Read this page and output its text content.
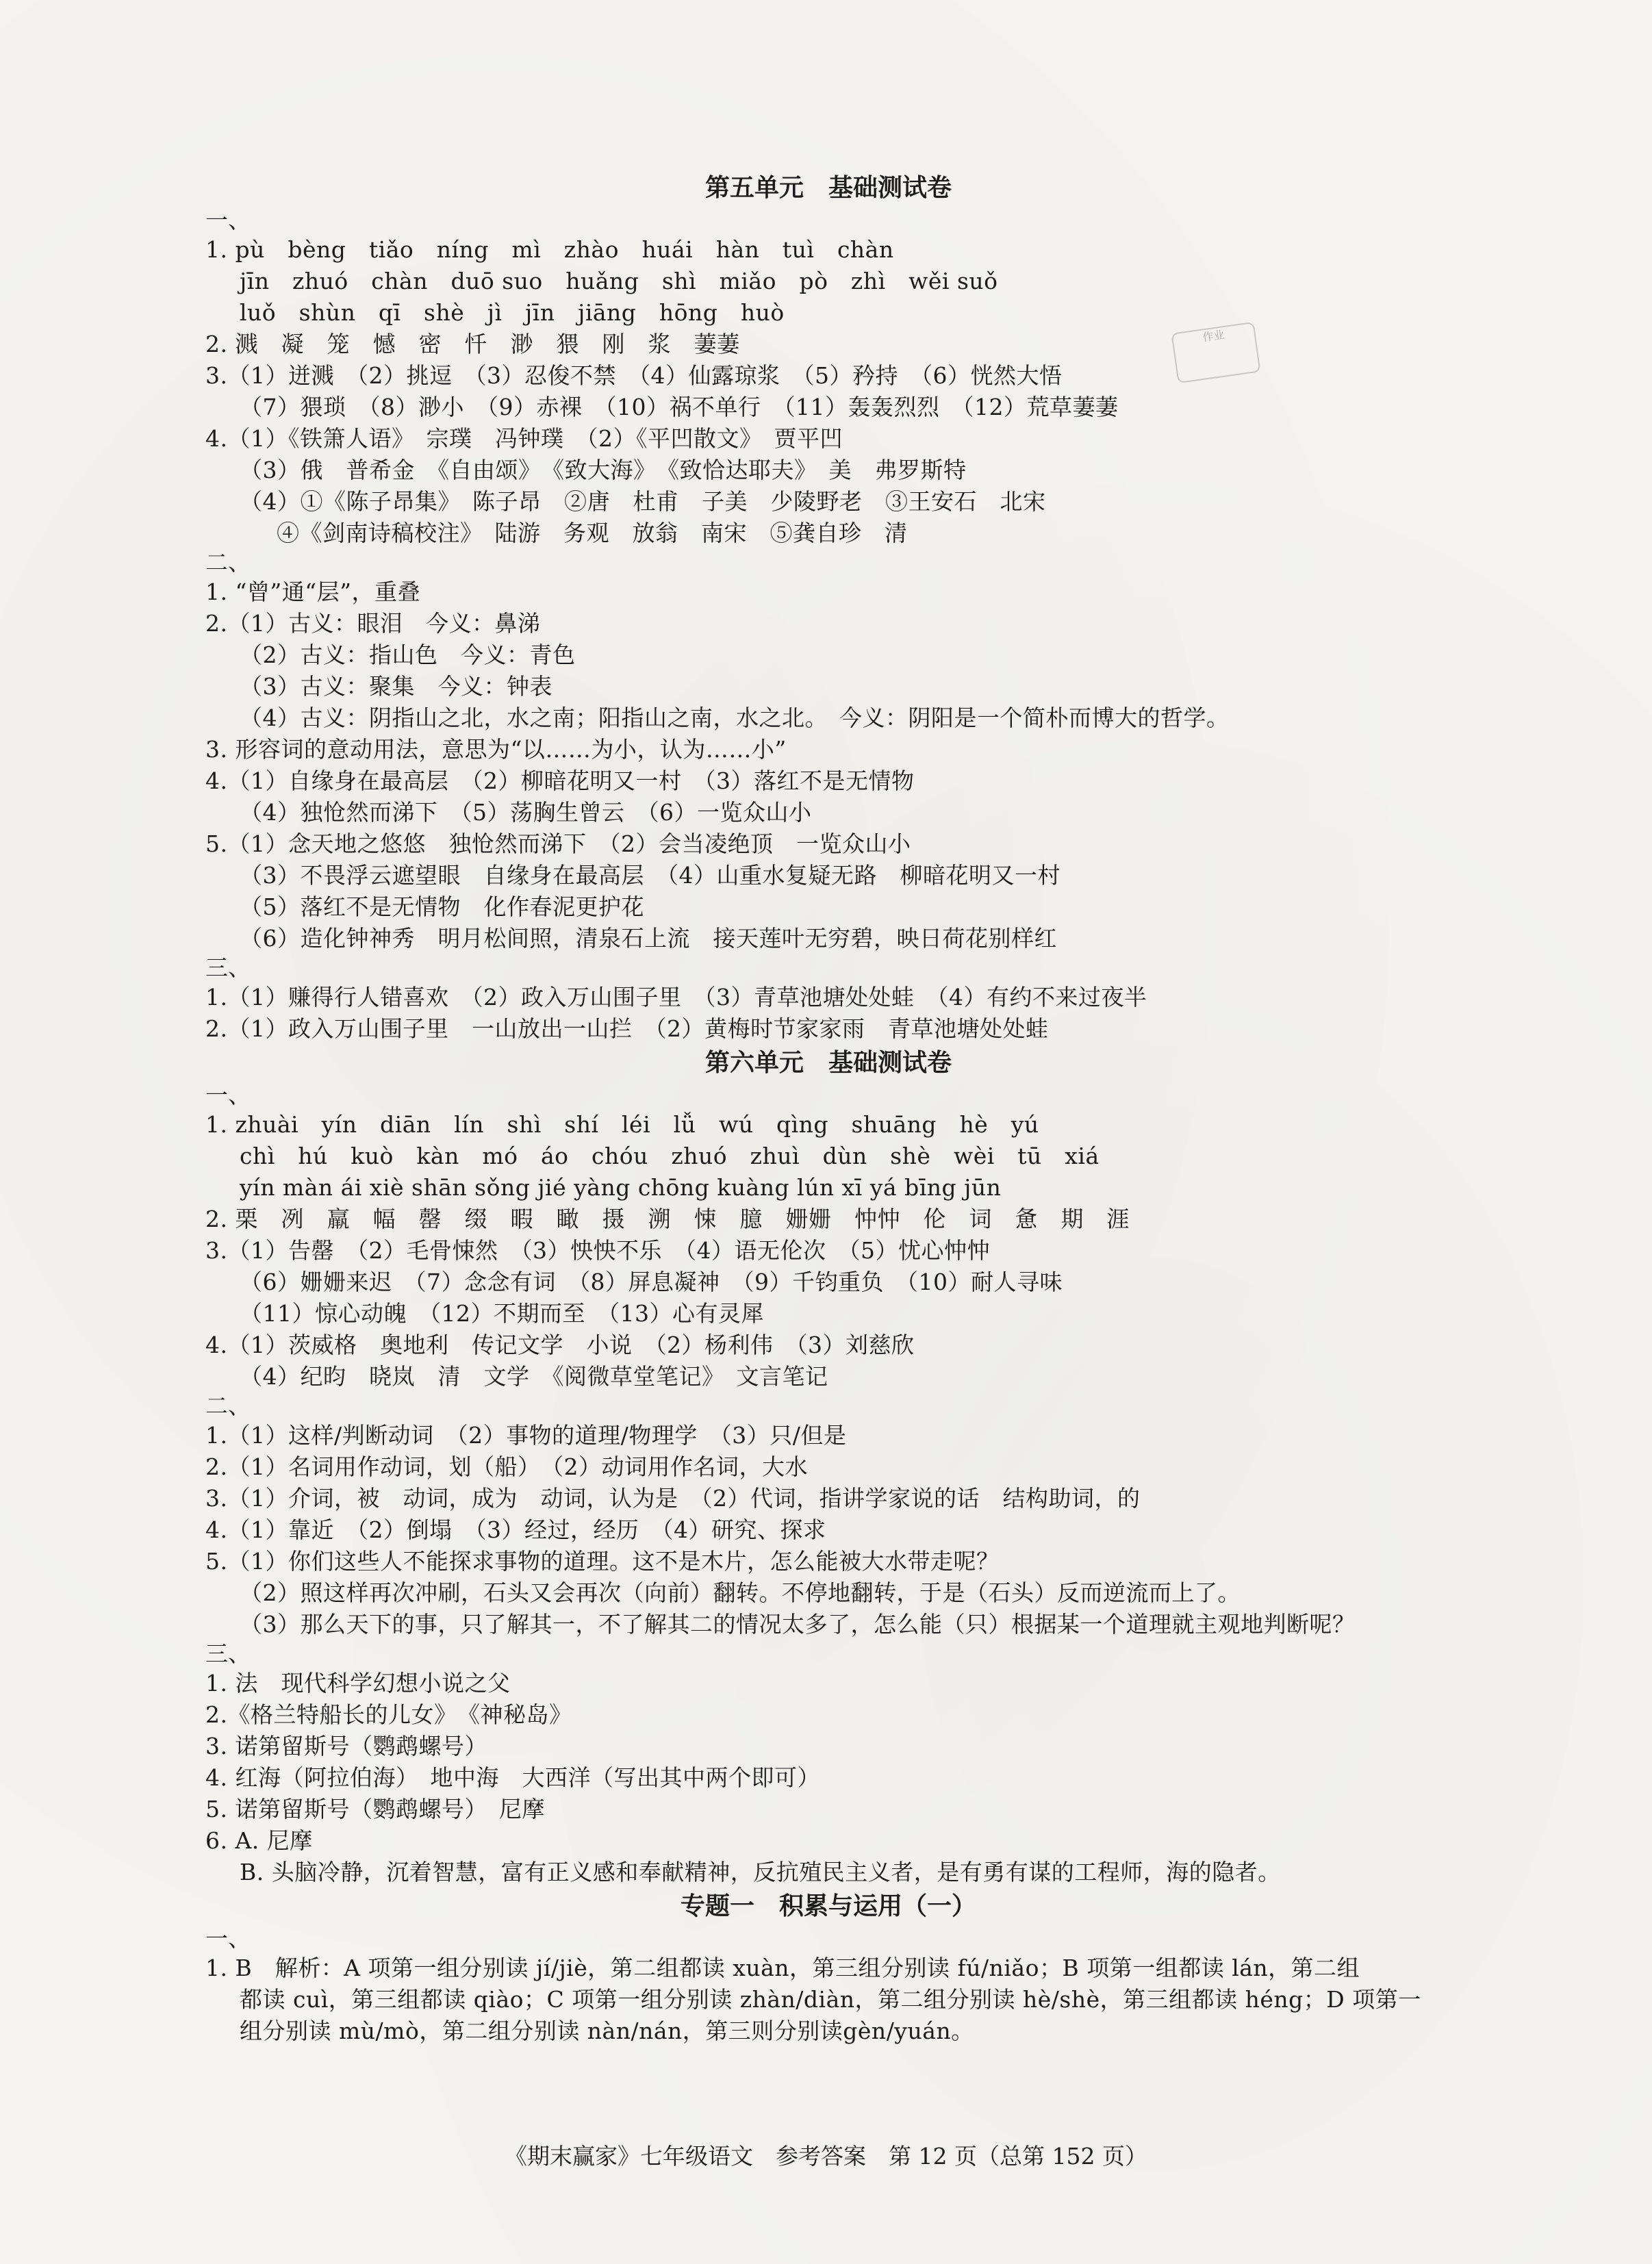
作业
第五单元　基础测试卷
一、
1. pù　bèng　tiǎo　níng　mì　zhào　huái　hàn　tuì　chàn
jīn　zhuó　chàn　duō suo　huǎng　shì　miǎo　pò　zhì　wěi suǒ
luǒ　shùn　qī　shè　jì　jīn　jiāng　hōng　huò
2. 溅　凝　笼　憾　密　忏　渺　猥　刚　浆　萋萋
3.（1）迸溅　（2）挑逗　（3）忍俊不禁　（4）仙露琼浆　（5）矜持　（6）恍然大悟
（7）猥琐　（8）渺小　（9）赤裸　（10）祸不单行　（11）轰轰烈烈　（12）荒草萋萋
4.（1）《铁箫人语》　宗璞　冯钟璞　（2）《平凹散文》　贾平凹
（3）俄　普希金　《自由颂》　《致大海》　《致恰达耶夫》　美　弗罗斯特
（4）①《陈子昂集》　陈子昂　②唐　杜甫　子美　少陵野老　③王安石　北宋
④《剑南诗稿校注》　陆游　务观　放翁　南宋　⑤龚自珍　清
二、
1. “曾”通“层”，重叠
2.（1）古义：眼泪　今义：鼻涕
（2）古义：指山色　今义：青色
（3）古义：聚集　今义：钟表
（4）古义：阴指山之北，水之南；阳指山之南，水之北。　今义：阴阳是一个简朴而博大的哲学。
3. 形容词的意动用法，意思为“以……为小，认为……小”
4.（1）自缘身在最高层　（2）柳暗花明又一村　（3）落红不是无情物
（4）独怆然而涕下　（5）荡胸生曾云　（6）一览众山小
5.（1）念天地之悠悠　独怆然而涕下　（2）会当凌绝顶　一览众山小
（3）不畏浮云遮望眼　自缘身在最高层　（4）山重水复疑无路　柳暗花明又一村
（5）落红不是无情物　化作春泥更护花
（6）造化钟神秀　明月松间照，清泉石上流　接天莲叶无穷碧，映日荷花别样红
三、
1.（1）赚得行人错喜欢　（2）政入万山围子里　（3）青草池塘处处蛙　（4）有约不来过夜半
2.（1）政入万山围子里　一山放出一山拦　（2）黄梅时节家家雨　青草池塘处处蛙
第六单元　基础测试卷
一、
1. zhuài　yín　diān　lín　shì　shí　léi　lǚ　wú　qìng　shuāng　hè　yú
chì　hú　kuò　kàn　mó　áo　chóu　zhuó　zhuì　dùn　shè　wèi　tū　xiá
yín màn ái xiè shān sǒng jié yàng chōng kuàng lún xī yá bīng jūn
2. 栗　冽　羸　幅　罄　缀　暇　瞰　摄　溯　悚　臆　姗姗　忡忡　伦　词　惫　期　涯
3.（1）告罄　（2）毛骨悚然　（3）怏怏不乐　（4）语无伦次　（5）忧心忡忡
（6）姗姗来迟　（7）念念有词　（8）屏息凝神　（9）千钧重负　（10）耐人寻味
（11）惊心动魄　（12）不期而至　（13）心有灵犀
4.（1）茨威格　奥地利　传记文学　小说　（2）杨利伟　（3）刘慈欣
（4）纪昀　晓岚　清　文学　《阅微草堂笔记》　文言笔记
二、
1.（1）这样/判断动词　（2）事物的道理/物理学　（3）只/但是
2.（1）名词用作动词，划（船）　（2）动词用作名词，大水
3.（1）介词，被　动词，成为　动词，认为是　（2）代词，指讲学家说的话　结构助词，的
4.（1）靠近　（2）倒塌　（3）经过，经历　（4）研究、探求
5.（1）你们这些人不能探求事物的道理。这不是木片，怎么能被大水带走呢？
（2）照这样再次冲刷，石头又会再次（向前）翻转。不停地翻转，于是（石头）反而逆流而上了。
（3）那么天下的事，只了解其一，不了解其二的情况太多了，怎么能（只）根据某一个道理就主观地判断呢？
三、
1. 法　现代科学幻想小说之父
2.《格兰特船长的儿女》　《神秘岛》
3. 诺第留斯号（鹦鹉螺号）
4. 红海（阿拉伯海）　地中海　大西洋（写出其中两个即可）
5. 诺第留斯号（鹦鹉螺号）　尼摩
6. A. 尼摩
B. 头脑冷静，沉着智慧，富有正义感和奉献精神，反抗殖民主义者，是有勇有谋的工程师，海的隐者。
专题一　积累与运用（一）
一、
1. B　解析：A 项第一组分别读 jí/jiè，第二组都读 xuàn，第三组分别读 fú/niǎo；B 项第一组都读 lán，第二组
都读 cuì，第三组都读 qiào；C 项第一组分别读 zhàn/diàn，第二组分别读 hè/shè，第三组都读 héng；D 项第一
组分别读 mù/mò，第二组分别读 nàn/nán，第三则分别读gèn/yuán。
《期末赢家》七年级语文　参考答案　第 12 页（总第 152 页）
